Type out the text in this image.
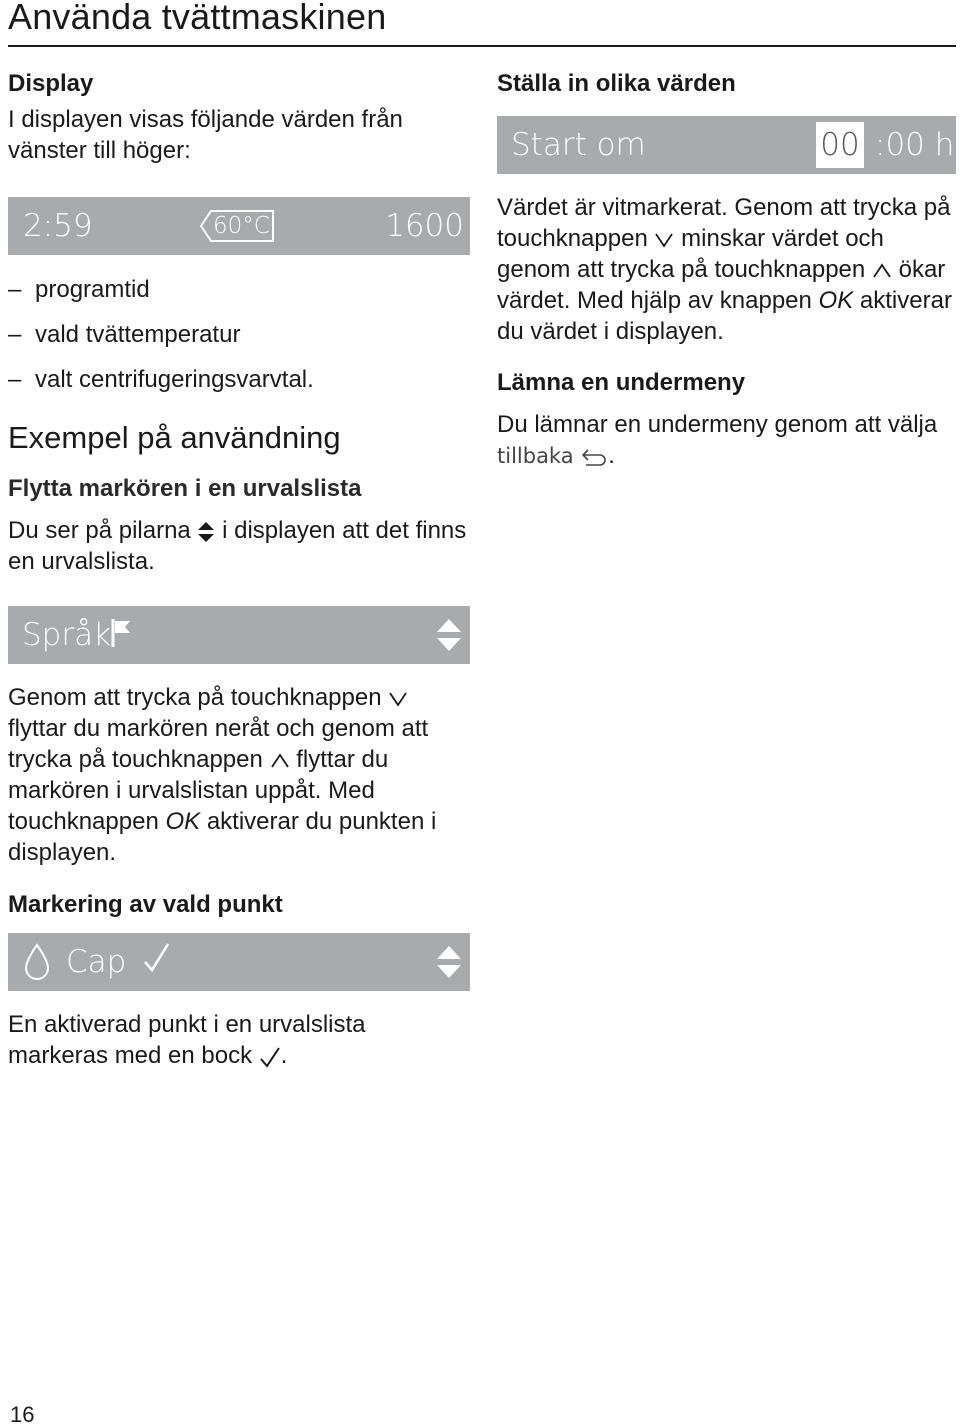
Använda tvättmaskinen

Display

I displayen visas följande värden från vänster till höger:

2:59	60°C	1600
– programtid
– vald tvättemperatur
– valt centrifugeringsvarvtal.

Exempel på användning

Flytta markören i en urvalslista

Du ser på pilarna i displayen att det finns en urvalslista.

Språk

Genom att trycka på touchknappen  flyttar du markören neråt och genom att trycka på touchknappen flyttar du markören i urvalslistan uppåt. Med touchknappen OK aktiverar du punkten i displayen.

Markering av vald punkt

Cap

En aktiverad punkt i en urvalslista markeras med en bock .

Ställa in olika värden

Start om	00 :00 h

Värdet är vitmarkerat. Genom att trycka på touchknappen minskar värdet och genom att trycka på touchknappen ökar värdet. Med hjälp av knappen OK aktiverar du värdet i displayen.

Lämna en undermeny

Du lämnar en undermeny genom att välja tillbaka .

16
